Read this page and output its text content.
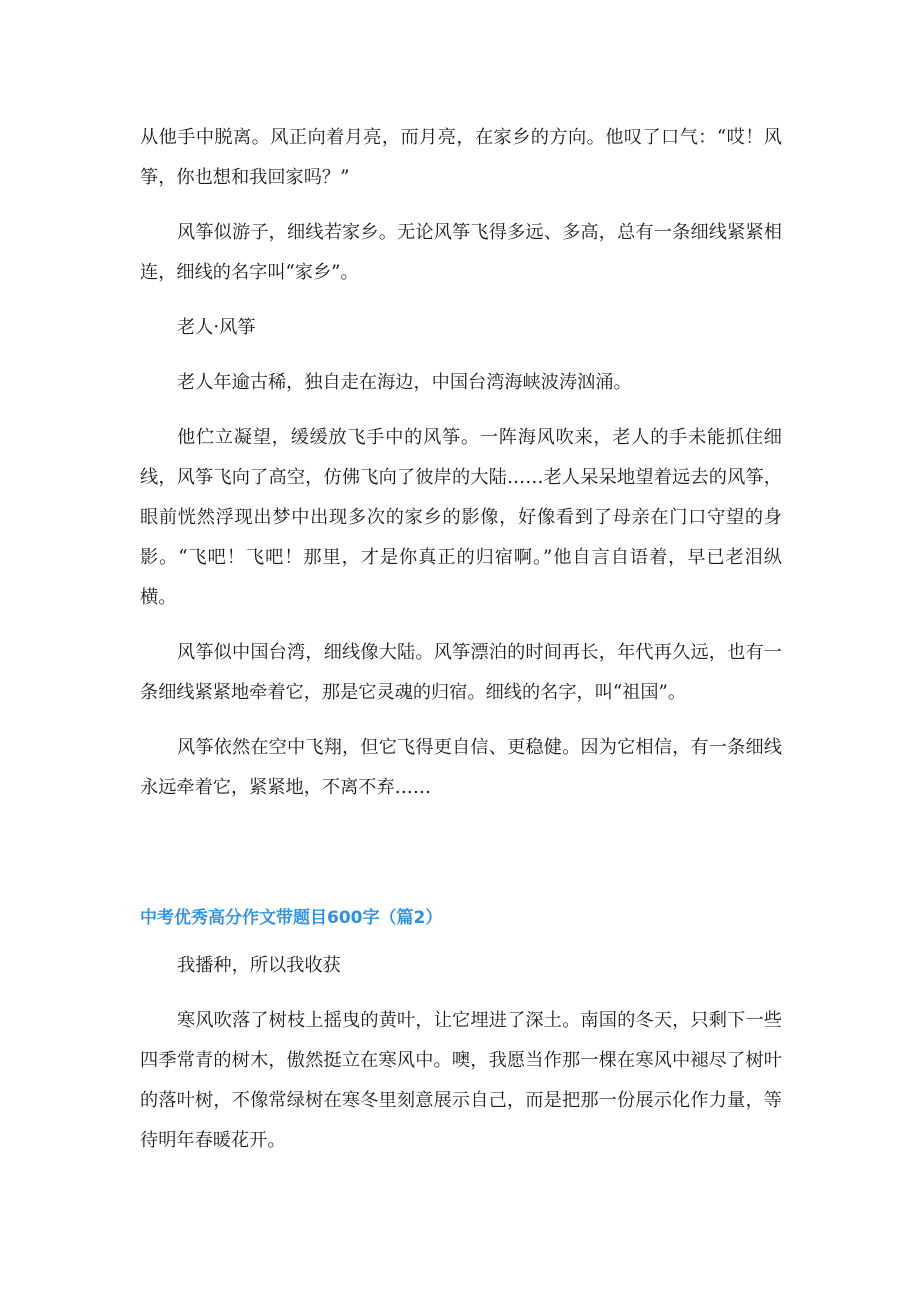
从他手中脱离。风正向着月亮，而月亮，在家乡的方向。他叹了口气：“哎！风筝，你也想和我回家吗？”

风筝似游子，细线若家乡。无论风筝飞得多远、多高，总有一条细线紧紧相连，细线的名字叫“家乡”。

老人·风筝

老人年逾古稀，独自走在海边，中国台湾海峡波涛汹涌。

他伫立凝望，缓缓放飞手中的风筝。一阵海风吹来，老人的手未能抓住细线，风筝飞向了高空，仿佛飞向了彼岸的大陆……老人呆呆地望着远去的风筝，眼前恍然浮现出梦中出现多次的家乡的影像，好像看到了母亲在门口守望的身影。“飞吧！飞吧！那里，才是你真正的归宿啊。”他自言自语着，早已老泪纵横。

风筝似中国台湾，细线像大陆。风筝漂泊的时间再长，年代再久远，也有一条细线紧紧地牵着它，那是它灵魂的归宿。细线的名字，叫“祖国”。

风筝依然在空中飞翔，但它飞得更自信、更稳健。因为它相信，有一条细线永远牵着它，紧紧地，不离不弃……

中考优秀高分作文带题目600字（篇2）

我播种，所以我收获

寒风吹落了树枝上摇曳的黄叶，让它埋进了深土。南国的冬天，只剩下一些四季常青的树木，傲然挺立在寒风中。噢，我愿当作那一棵在寒风中褪尽了树叶的落叶树，不像常绿树在寒冬里刻意展示自己，而是把那一份展示化作力量，等待明年春暖花开。
